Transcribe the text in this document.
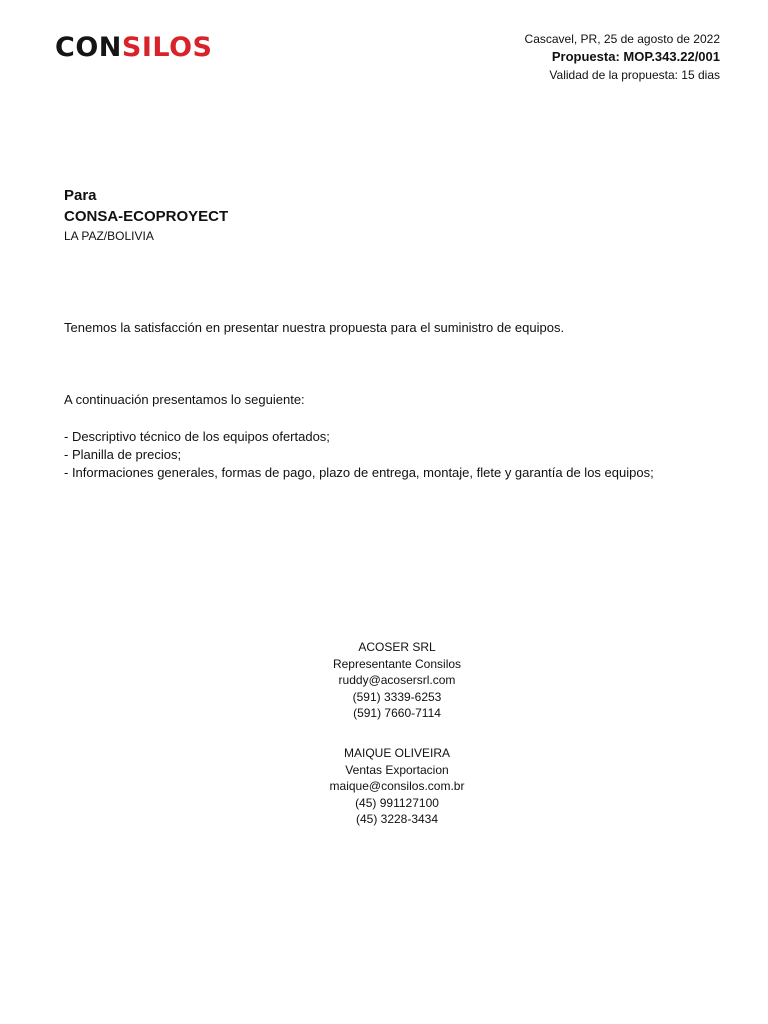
CONSILOS	Cascavel, PR, 25 de agosto de 2022
Propuesta: MOP.343.22/001
Validad de la propuesta: 15 dias
Para
CONSA-ECOPROYECT
LA PAZ/BOLIVIA
Tenemos la satisfacción en presentar nuestra propuesta para el suministro de equipos.
A continuación presentamos lo seguiente:
- Descriptivo técnico de los equipos ofertados;
- Planilla de precios;
- Informaciones generales, formas de pago, plazo de entrega, montaje, flete y garantía de los equipos;
ACOSER SRL
Representante Consilos
ruddy@acosersrl.com
(591) 3339-6253
(591) 7660-7114
MAIQUE OLIVEIRA
Ventas Exportacion
maique@consilos.com.br
(45) 991127100
(45) 3228-3434
